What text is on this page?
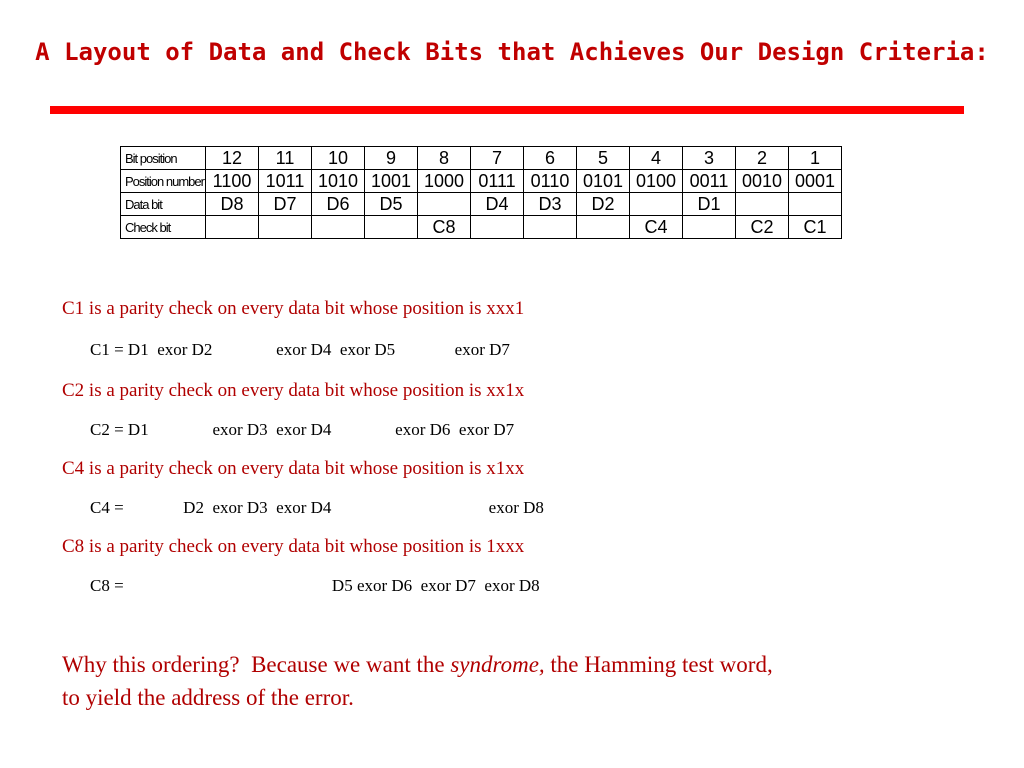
A Layout of Data and Check Bits that Achieves Our Design Criteria:
Bit position	12	11	10	9	8	7	6	5	4	3	2	1
Position number	1100	1011	1010	1001	1000	0111	0110	0101	0100	0011	0010	0001
Data bit	D8	D7	D6	D5		D4	D3	D2		D1		
Check bit					C8				C4		C2	C1
C1 is a parity check on every data bit whose position is xxx1
C1 = D1  exor D2               exor D4  exor D5              exor D7
C2 is a parity check on every data bit whose position is xx1x
C2 = D1               exor D3  exor D4               exor D6  exor D7
C4 is a parity check on every data bit whose position is x1xx
C4 =              D2  exor D3  exor D4                                     exor D8
C8 is a parity check on every data bit whose position is 1xxx
C8 =                                                 D5 exor D6  exor D7  exor D8
Why this ordering?  Because we want the syndrome, the Hamming test word,
to yield the address of the error.
